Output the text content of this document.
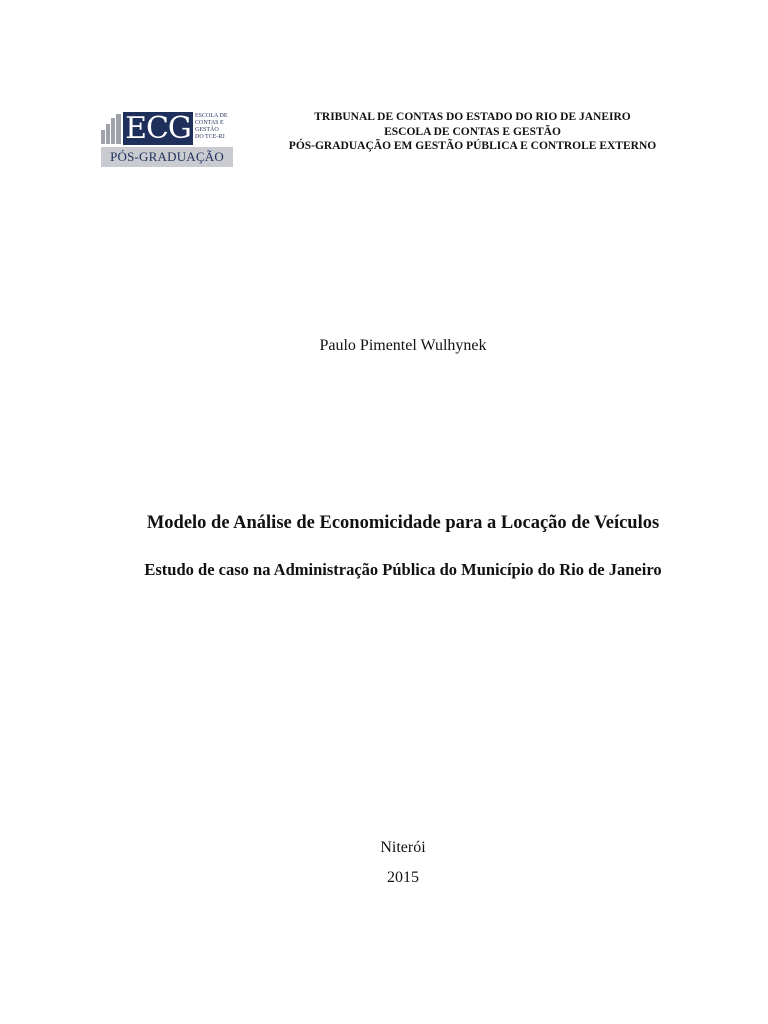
ECG ESCOLA DE
CONTAS E
GESTÃO
DO TCE-RJ
PÓS-GRADUAÇÃO
TRIBUNAL DE CONTAS DO ESTADO DO RIO DE JANEIRO
ESCOLA DE CONTAS E GESTÃO
PÓS-GRADUAÇÃO EM GESTÃO PÚBLICA E CONTROLE EXTERNO
Paulo Pimentel Wulhynek
Modelo de Análise de Economicidade para a Locação de Veículos
Estudo de caso na Administração Pública do Município do Rio de Janeiro
Niterói
2015
